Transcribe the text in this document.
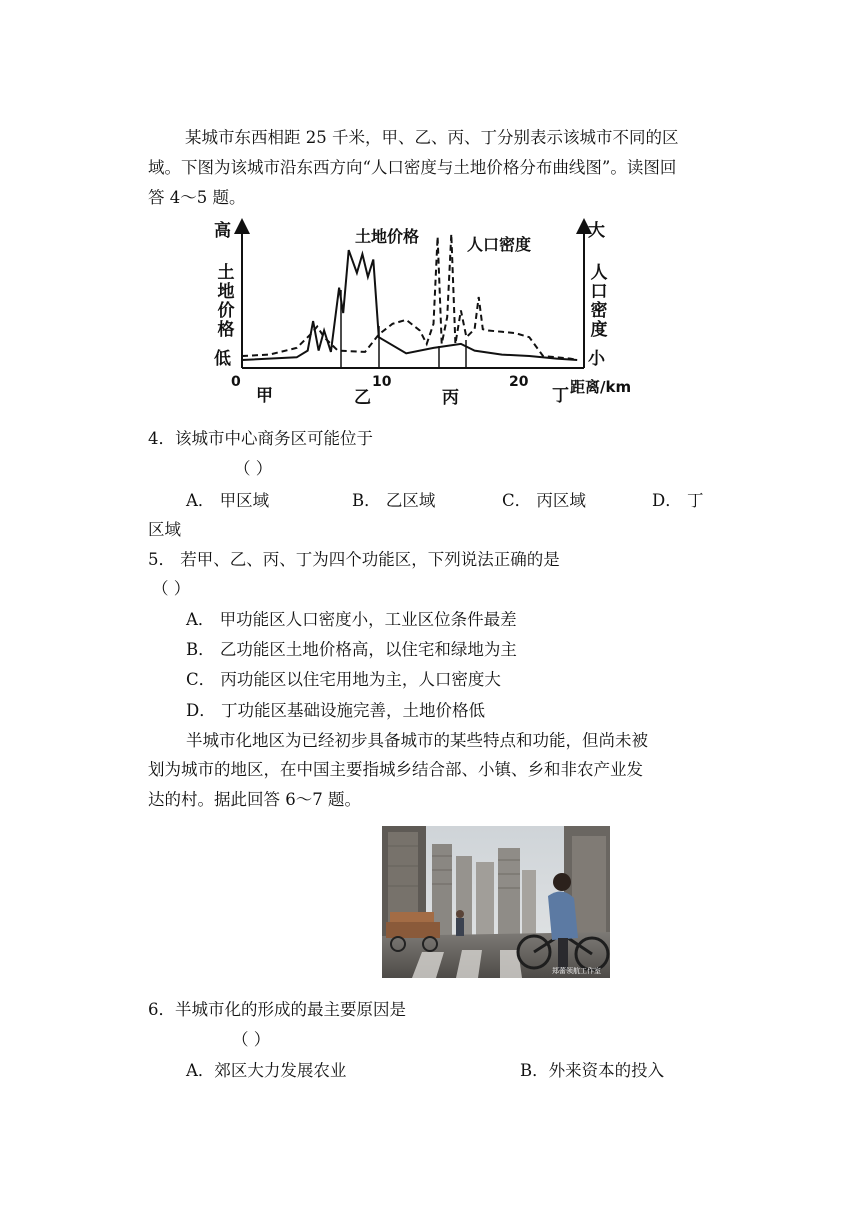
某城市东西相距 25 千米，甲、乙、丙、丁分别表示该城市不同的区
域。下图为该城市沿东西方向“人口密度与土地价格分布曲线图”。读图回
答 4～5 题。
高
低
土地价格
大
小
人口密度
土地价格	人口密度
0	10	20	距离/km
甲	乙	丙	丁
4．该城市中心商务区可能位于
（ ）
A． 甲区域	B． 乙区域	C． 丙区域	D． 丁
区域
5． 若甲、乙、丙、丁为四个功能区，下列说法正确的是
（ ）
A． 甲功能区人口密度小，工业区位条件最差
B． 乙功能区土地价格高，以住宅和绿地为主
C． 丙功能区以住宅用地为主，人口密度大
D． 丁功能区基础设施完善，土地价格低
半城市化地区为已经初步具备城市的某些特点和功能，但尚未被
划为城市的地区，在中国主要指城乡结合部、小镇、乡和非农产业发
达的村。据此回答 6～7 题。
郑蕾领航工作室
6．半城市化的形成的最主要原因是
（ ）
A．郊区大力发展农业	B．外来资本的投入
